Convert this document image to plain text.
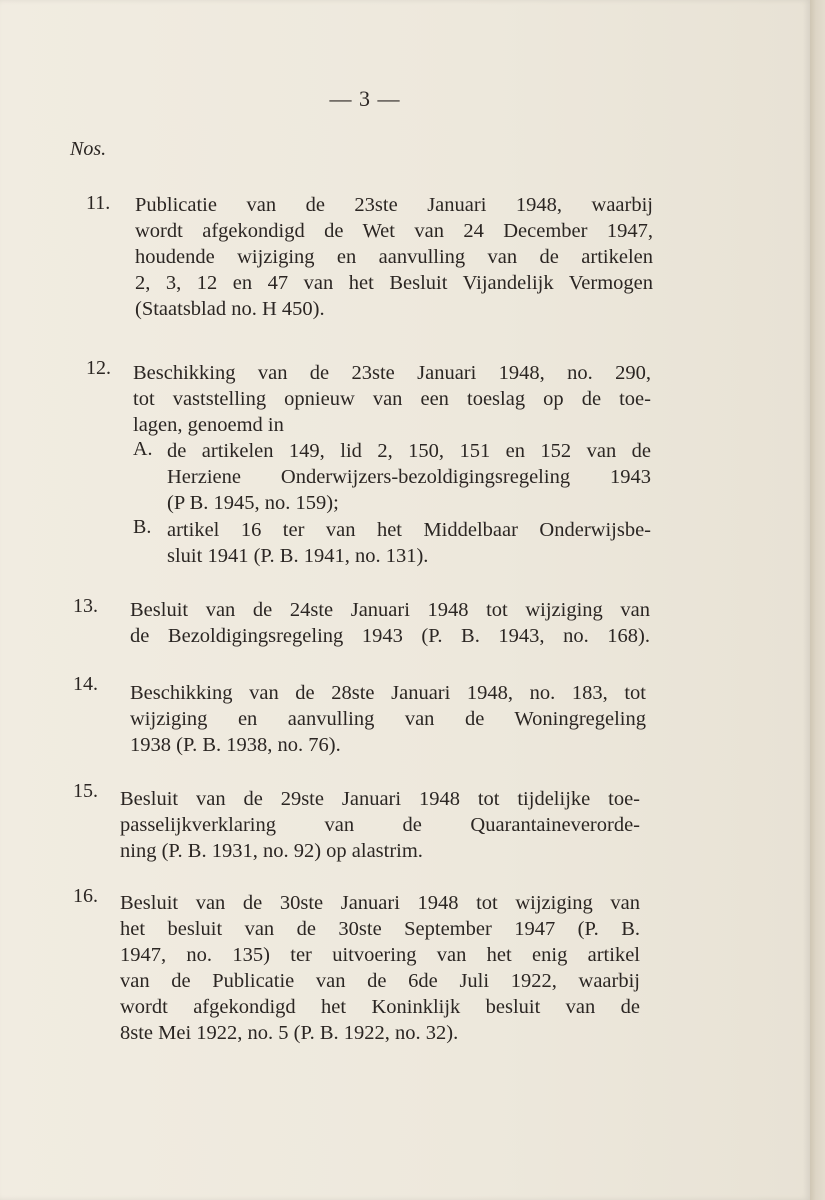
— 3 —
Nos.
11. Publicatie van de 23ste Januari 1948, waarbij
wordt afgekondigd de Wet van 24 December 1947,
houdende wijziging en aanvulling van de artikelen
2, 3, 12 en 47 van het Besluit Vijandelijk Vermogen
(Staatsblad no. H 450).
12. Beschikking van de 23ste Januari 1948, no. 290,
tot vaststelling opnieuw van een toeslag op de toe-
lagen, genoemd in
A. de artikelen 149, lid 2, 150, 151 en 152 van de
Herziene Onderwijzers-bezoldigingsregeling 1943
(P B. 1945, no. 159);
B. artikel 16 ter van het Middelbaar Onderwijsbe-
sluit 1941 (P. B. 1941, no. 131).
13. Besluit van de 24ste Januari 1948 tot wijziging van
de Bezoldigingsregeling 1943 (P. B. 1943, no. 168).
14. Beschikking van de 28ste Januari 1948, no. 183, tot
wijziging en aanvulling van de Woningregeling
1938 (P. B. 1938, no. 76).
15. Besluit van de 29ste Januari 1948 tot tijdelijke toe-
passelijkverklaring van de Quarantaineverorde-
ning (P. B. 1931, no. 92) op alastrim.
16. Besluit van de 30ste Januari 1948 tot wijziging van
het besluit van de 30ste September 1947 (P. B.
1947, no. 135) ter uitvoering van het enig artikel
van de Publicatie van de 6de Juli 1922, waarbij
wordt afgekondigd het Koninklijk besluit van de
8ste Mei 1922, no. 5 (P. B. 1922, no. 32).
